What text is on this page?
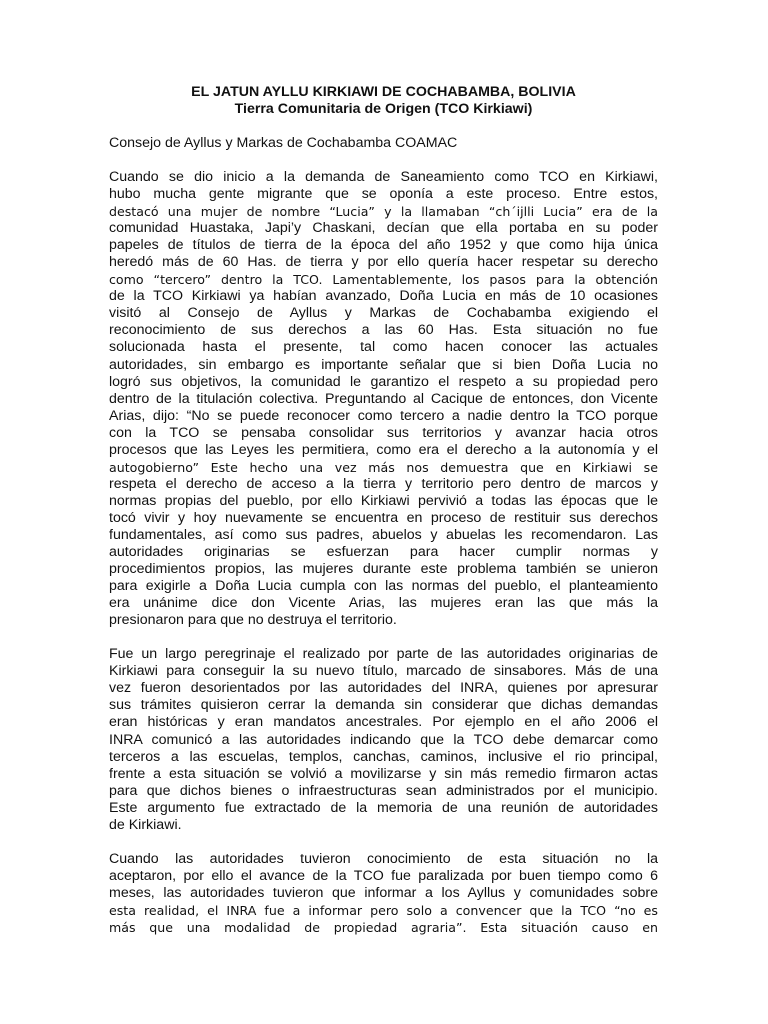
EL JATUN AYLLU KIRKIAWI DE COCHABAMBA, BOLIVIA

Tierra Comunitaria de Origen (TCO Kirkiawi)

Consejo de Ayllus y Markas de Cochabamba COAMAC

Cuando se dio inicio a la demanda de Saneamiento como TCO en Kirkiawi,
hubo mucha gente migrante que se oponía a este proceso. Entre estos,
destacó una mujer de nombre “Lucia” y la llamaban “ch´ijlli Lucia” era de la
comunidad Huastaka, Japi’y Chaskani, decían que ella portaba en su poder
papeles de títulos de tierra de la época del año 1952 y que como hija única
heredó más de 60 Has. de tierra y por ello quería hacer respetar su derecho
como “tercero” dentro la TCO. Lamentablemente, los pasos para la obtención
de la TCO Kirkiawi ya habían avanzado, Doña Lucia en más de 10 ocasiones
visitó al Consejo de Ayllus y Markas de Cochabamba exigiendo el
reconocimiento de sus derechos a las 60 Has. Esta situación no fue
solucionada hasta el presente, tal como hacen conocer las actuales
autoridades, sin embargo es importante señalar que si bien Doña Lucia no
logró sus objetivos, la comunidad le garantizo el respeto a su propiedad pero
dentro de la titulación colectiva. Preguntando al Cacique de entonces, don Vicente
Arias, dijo: “No se puede reconocer como tercero a nadie dentro la TCO porque
con la TCO se pensaba consolidar sus territorios y avanzar hacia otros
procesos que las Leyes les permitiera, como era el derecho a la autonomía y el
autogobierno” Este hecho una vez más nos demuestra que en Kirkiawi se
respeta el derecho de acceso a la tierra y territorio pero dentro de marcos y
normas propias del pueblo, por ello Kirkiawi pervivió a todas las épocas que le
tocó vivir y hoy nuevamente se encuentra en proceso de restituir sus derechos
fundamentales, así como sus padres, abuelos y abuelas les recomendaron. Las
autoridades originarias se esfuerzan para hacer cumplir normas y
procedimientos propios, las mujeres durante este problema también se unieron
para exigirle a Doña Lucia cumpla con las normas del pueblo, el planteamiento
era unánime dice don Vicente Arias, las mujeres eran las que más la
presionaron para que no destruya el territorio.

Fue un largo peregrinaje el realizado por parte de las autoridades originarias de
Kirkiawi para conseguir la su nuevo título, marcado de sinsabores. Más de una
vez fueron desorientados por las autoridades del INRA, quienes por apresurar
sus trámites quisieron cerrar la demanda sin considerar que dichas demandas
eran históricas y eran mandatos ancestrales. Por ejemplo en el año 2006 el
INRA comunicó a las autoridades indicando que la TCO debe demarcar como
terceros a las escuelas, templos, canchas, caminos, inclusive el rio principal,
frente a esta situación se volvió a movilizarse y sin más remedio firmaron actas
para que dichos bienes o infraestructuras sean administrados por el municipio.
Este argumento fue extractado de la memoria de una reunión de autoridades
de Kirkiawi.

Cuando las autoridades tuvieron conocimiento de esta situación no la
aceptaron, por ello el avance de la TCO fue paralizada por buen tiempo como 6
meses, las autoridades tuvieron que informar a los Ayllus y comunidades sobre
esta realidad, el INRA fue a informar pero solo a convencer que la TCO “no es
más que una modalidad de propiedad agraria”. Esta situación causo en
